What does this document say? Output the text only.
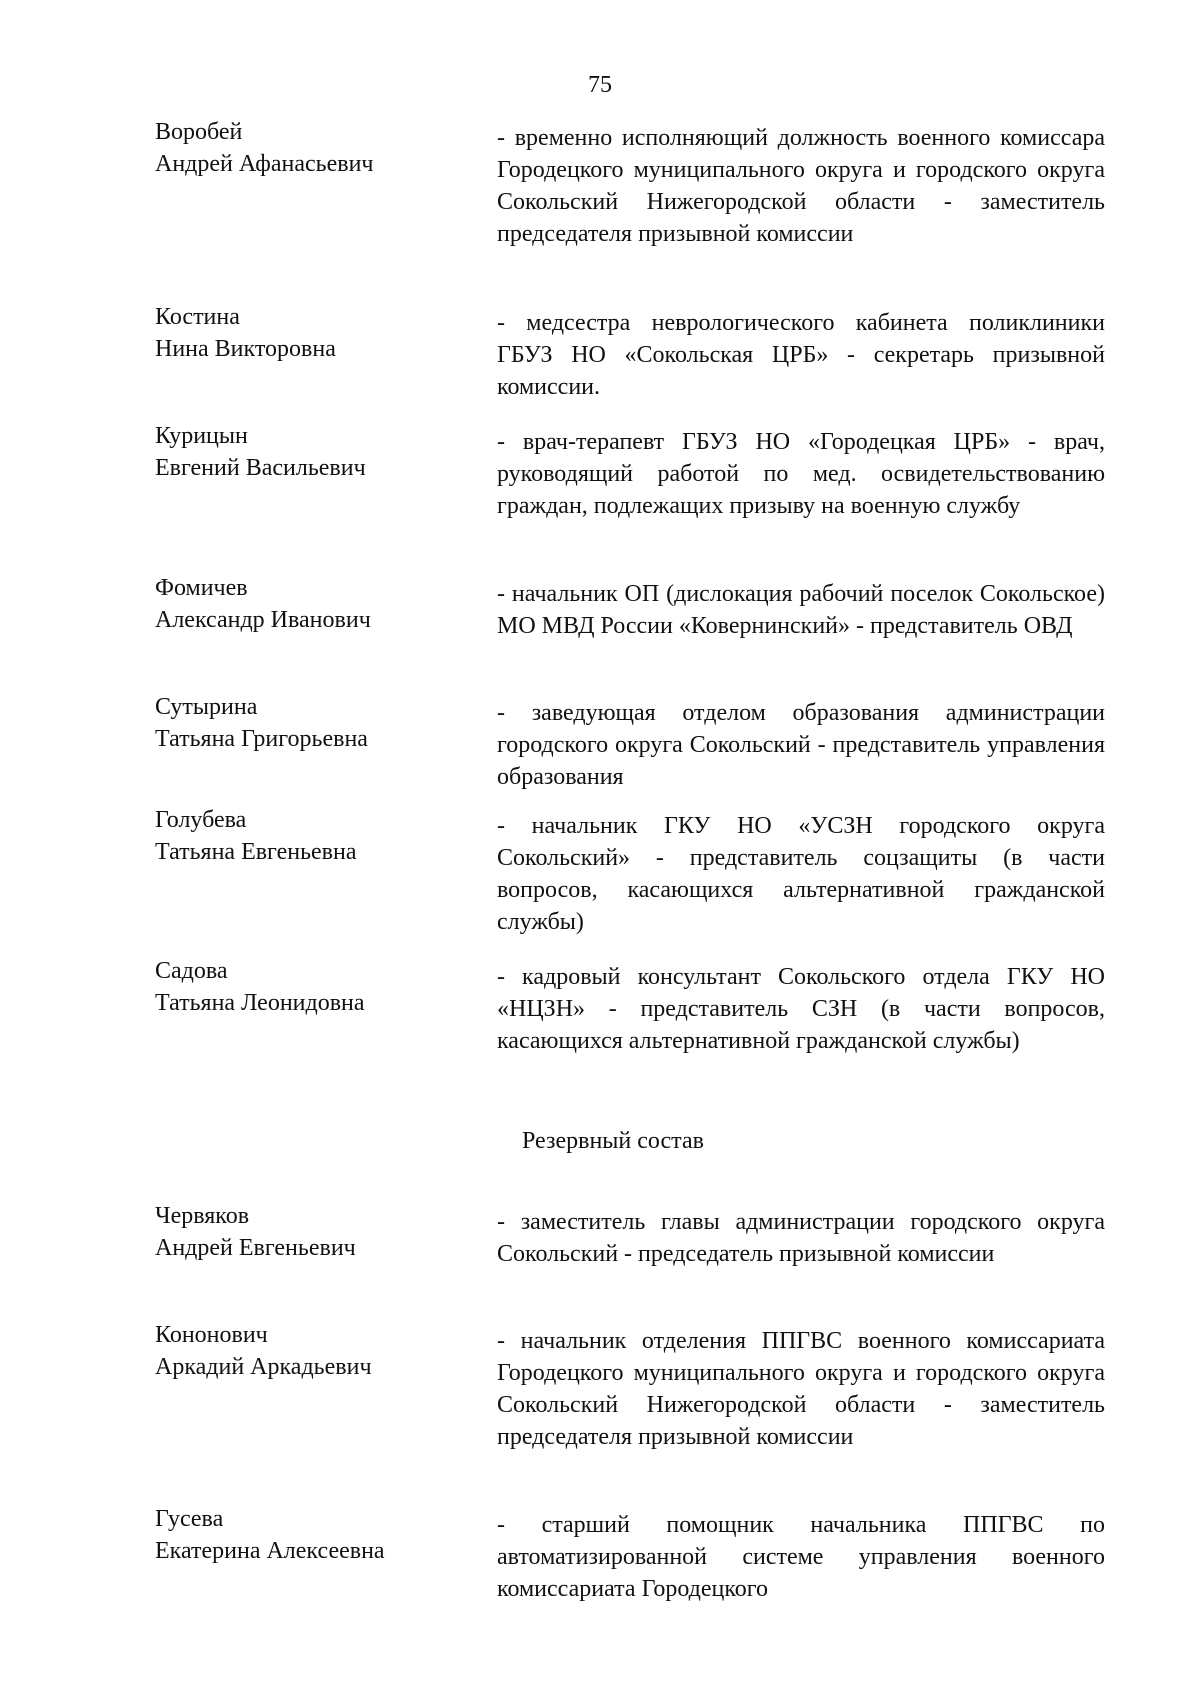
75
Воробей
Андрей Афанасьевич
- временно исполняющий должность военного комиссара Городецкого муниципального округа и городского округа Сокольский Нижегородской области - заместитель председателя призывной комиссии
Костина
Нина Викторовна
- медсестра неврологического кабинета поликлиники ГБУЗ НО «Сокольская ЦРБ» - секретарь призывной комиссии.
Курицын
Евгений Васильевич
- врач-терапевт ГБУЗ НО «Городецкая ЦРБ» - врач, руководящий работой по мед. освидетельствованию граждан, подлежащих призыву на военную службу
Фомичев
Александр Иванович
- начальник ОП (дислокация рабочий поселок Сокольское) МО МВД России «Ковернинский» - представитель ОВД
Сутырина
Татьяна Григорьевна
- заведующая отделом образования администрации городского округа Сокольский - представитель управления образования
Голубева
Татьяна Евгеньевна
- начальник ГКУ НО «УСЗН городского округа Сокольский» - представитель соцзащиты (в части вопросов, касающихся альтернативной гражданской службы)
Садова
Татьяна Леонидовна
- кадровый консультант Сокольского отдела ГКУ НО «НЦЗН» - представитель СЗН (в части вопросов, касающихся альтернативной гражданской службы)
Резервный состав
Червяков
Андрей Евгеньевич
- заместитель главы администрации городского округа Сокольский - председатель призывной комиссии
Кононович
Аркадий Аркадьевич
- начальник отделения ППГВС военного комиссариата Городецкого муниципального округа и городского округа Сокольский Нижегородской области - заместитель председателя призывной комиссии
Гусева
Екатерина Алексеевна
- старший помощник начальника ППГВС по автоматизированной системе управления военного комиссариата Городецкого
